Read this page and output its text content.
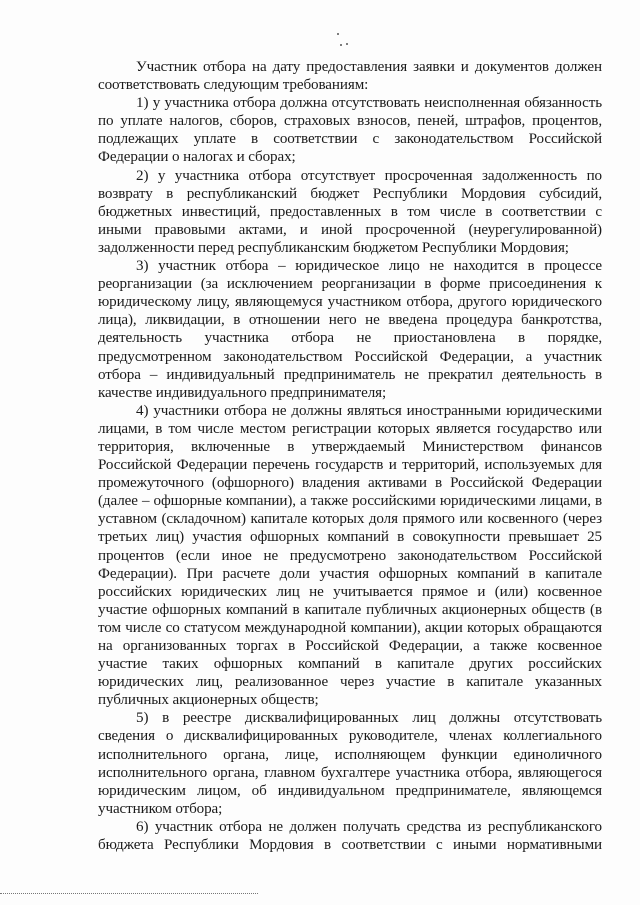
Участник отбора на дату предоставления заявки и документов должен соответствовать следующим требованиям:

1) у участника отбора должна отсутствовать неисполненная обязанность по уплате налогов, сборов, страховых взносов, пеней, штрафов, процентов, подлежащих уплате в соответствии с законодательством Российской Федерации о налогах и сборах;

2) у участника отбора отсутствует просроченная задолженность по возврату в республиканский бюджет Республики Мордовия субсидий, бюджетных инвестиций, предоставленных в том числе в соответствии с иными правовыми актами, и иной просроченной (неурегулированной) задолженности перед республиканским бюджетом Республики Мордовия;

3) участник отбора – юридическое лицо не находится в процессе реорганизации (за исключением реорганизации в форме присоединения к юридическому лицу, являющемуся участником отбора, другого юридического лица), ликвидации, в отношении него не введена процедура банкротства, деятельность участника отбора не приостановлена в порядке, предусмотренном законодательством Российской Федерации, а участник отбора – индивидуальный предприниматель не прекратил деятельность в качестве индивидуального предпринимателя;

4) участники отбора не должны являться иностранными юридическими лицами, в том числе местом регистрации которых является государство или территория, включенные в утверждаемый Министерством финансов Российской Федерации перечень государств и территорий, используемых для промежуточного (офшорного) владения активами в Российской Федерации (далее – офшорные компании), а также российскими юридическими лицами, в уставном (складочном) капитале которых доля прямого или косвенного (через третьих лиц) участия офшорных компаний в совокупности превышает 25 процентов (если иное не предусмотрено законодательством Российской Федерации). При расчете доли участия офшорных компаний в капитале российских юридических лиц не учитывается прямое и (или) косвенное участие офшорных компаний в капитале публичных акционерных обществ (в том числе со статусом международной компании), акции которых обращаются на организованных торгах в Российской Федерации, а также косвенное участие таких офшорных компаний в капитале других российских юридических лиц, реализованное через участие в капитале указанных публичных акционерных обществ;

5) в реестре дисквалифицированных лиц должны отсутствовать сведения о дисквалифицированных руководителе, членах коллегиального исполнительного органа, лице, исполняющем функции единоличного исполнительного органа, главном бухгалтере участника отбора, являющегося юридическим лицом, об индивидуальном предпринимателе, являющемся участником отбора;

6) участник отбора не должен получать средства из республиканского бюджета Республики Мордовия в соответствии с иными нормативными
